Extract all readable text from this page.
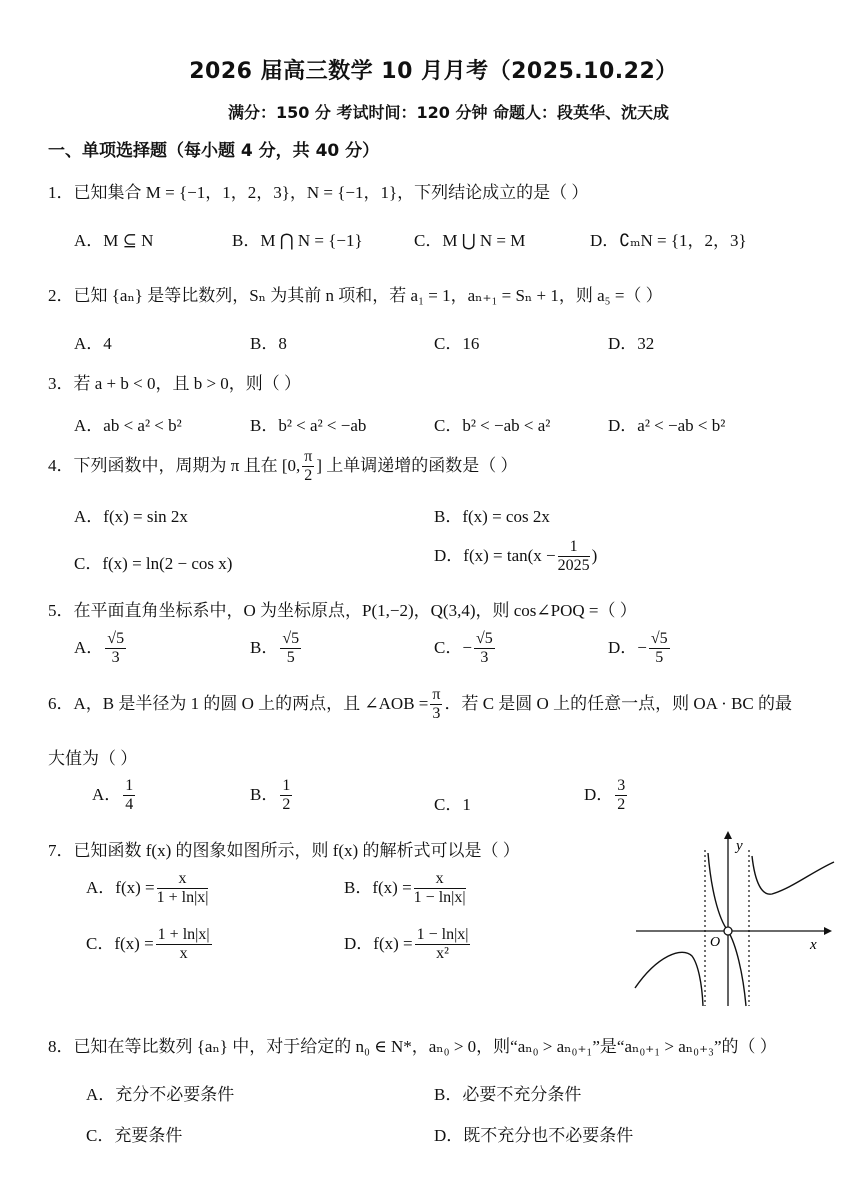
2026 届高三数学 10 月月考（2025.10.22）
满分：150 分 考试时间：120 分钟 命题人：段英华、沈天成
一、单项选择题（每小题 4 分，共 40 分）
1．已知集合 M = {−1，1，2，3}，N = {−1，1}，下列结论成立的是（ ）
A．M ⊆ N	B．M ⋂ N = {−1}	C．M ⋃ N = M	D．∁ₘN = {1，2，3}
2．已知 {aₙ} 是等比数列，Sₙ 为其前 n 项和，若 a₁ = 1，aₙ₊₁ = Sₙ + 1，则 a₅ =（ ）
A．4	B．8	C．16	D．32
3．若 a + b < 0，且 b > 0，则（ ）
A．ab < a² < b²	B．b² < a² < −ab	C．b² < −ab < a²	D．a² < −ab < b²
4．下列函数中，周期为 π 且在 [0, $\frac{\pi}{2}$ ] 上单调递增的函数是（ ）
A．f(x) = sin 2x	B．f(x) = cos 2x
C．f(x) = ln(2 − cos x)	D．$f(x) = \tan(x - \frac{1}{2025}$ )
5．在平面直角坐标系中，O 为坐标原点，P(1,−2)，Q(3,4)，则 cos∠POQ =（ ）
A． $\frac{√5}{3}$	B． $\frac{√5}{5}$	C．− $\frac{√5}{3}$	D．− $\frac{√5}{5}$
6．A，B 是半径为 1 的圆 O 上的两点，且 ∠AOB = $\frac{\pi}{3}$ ．若 C 是圆 O 上的任意一点，则 OA · BC 的最
大值为（ ）
A． $\frac{1}{4}$	B． $\frac{1}{2}$	C．1
D． $\frac{3}{2}$
7．已知函数 f(x) 的图象如图所示，则 f(x) 的解析式可以是（ ）
A．$f(x) = \frac{x}{1 + \ln|x|}$	B．$f(x) = \frac{x}{1 - \ln|x|}$
C．$f(x) = \frac{1 + \ln|x|}{x}$	D．$f(x) = \frac{1 - \ln|x|}{\text{x²}}$
y
x
O
8．已知在等比数列 {aₙ} 中，对于给定的 n₀ ∈ N*，aₙ₀ > 0，则“aₙ₀ > aₙ₀₊₁”是“aₙ₀₊₁ > aₙ₀₊₃”的（ ）
A．充分不必要条件	B．必要不充分条件
C．充要条件	D．既不充分也不必要条件
